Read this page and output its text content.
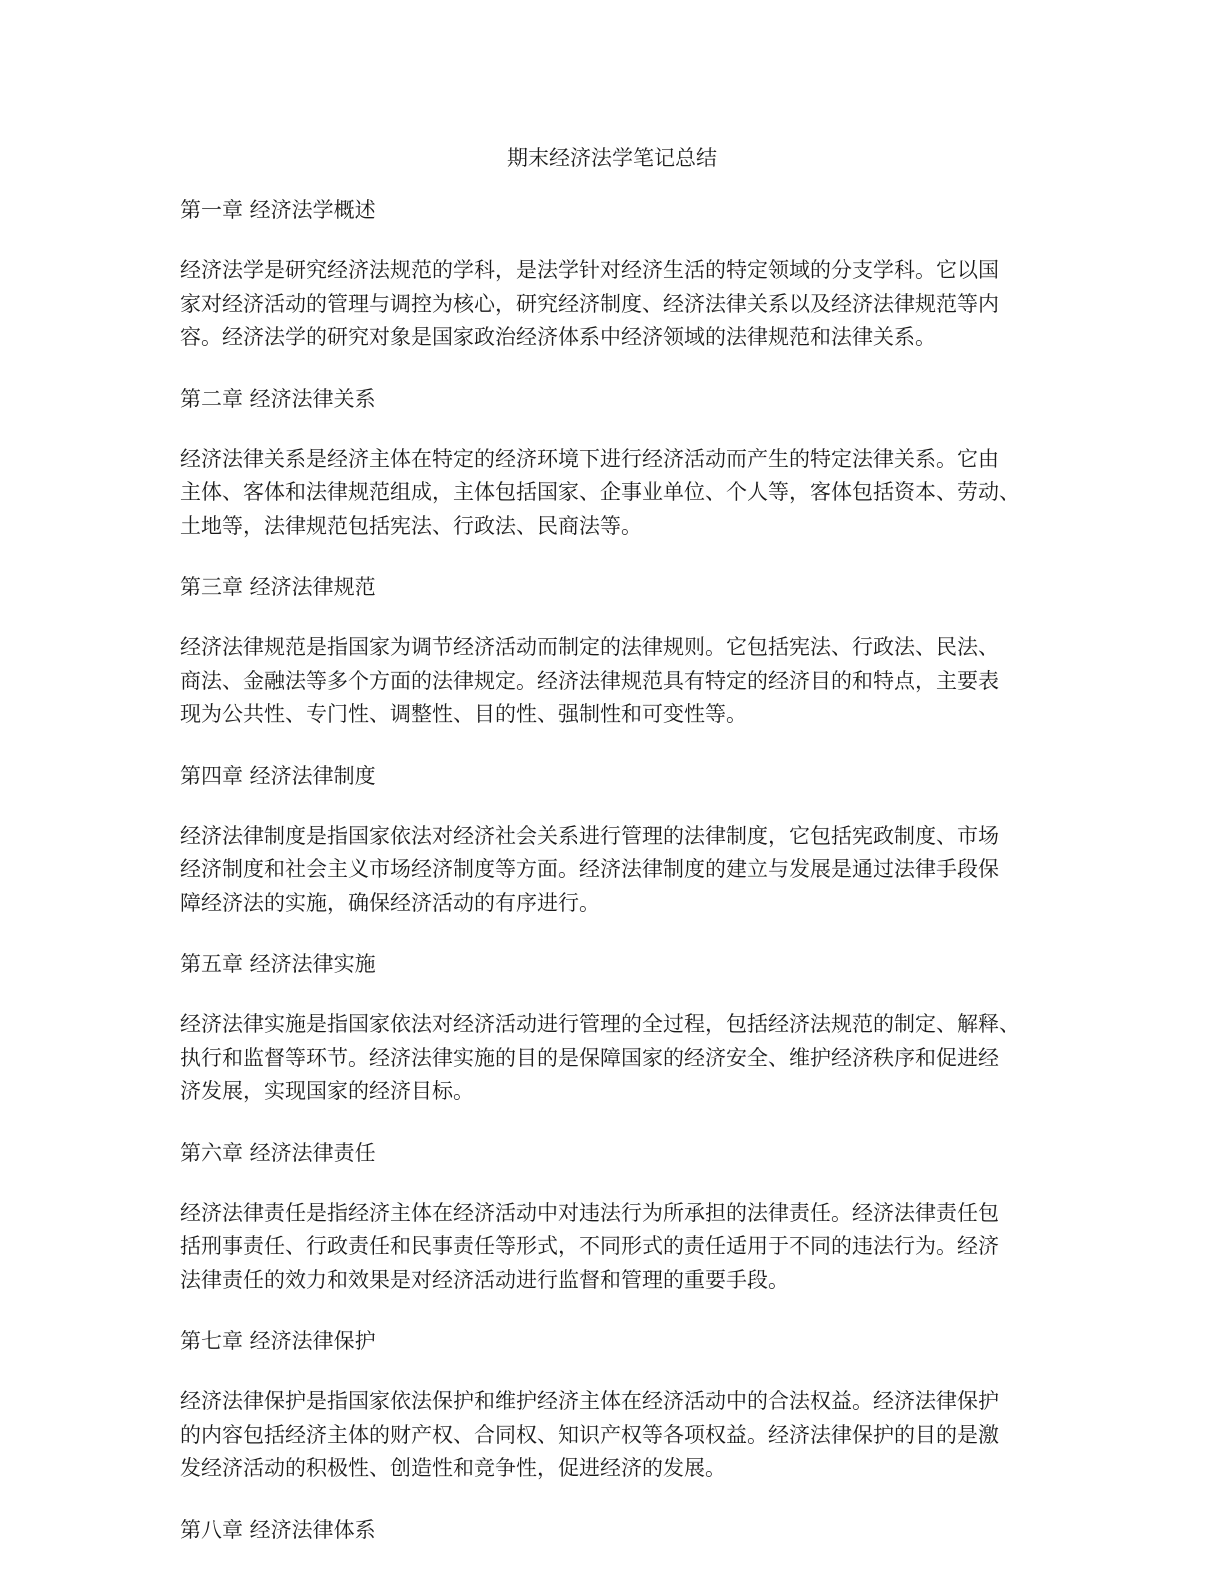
期末经济法学笔记总结

第一章 经济法学概述

经济法学是研究经济法规范的学科，是法学针对经济生活的特定领域的分支学科。它以国
家对经济活动的管理与调控为核心，研究经济制度、经济法律关系以及经济法律规范等内
容。经济法学的研究对象是国家政治经济体系中经济领域的法律规范和法律关系。

第二章 经济法律关系

经济法律关系是经济主体在特定的经济环境下进行经济活动而产生的特定法律关系。它由
主体、客体和法律规范组成，主体包括国家、企事业单位、个人等，客体包括资本、劳动、
土地等，法律规范包括宪法、行政法、民商法等。

第三章 经济法律规范

经济法律规范是指国家为调节经济活动而制定的法律规则。它包括宪法、行政法、民法、
商法、金融法等多个方面的法律规定。经济法律规范具有特定的经济目的和特点，主要表
现为公共性、专门性、调整性、目的性、强制性和可变性等。

第四章 经济法律制度

经济法律制度是指国家依法对经济社会关系进行管理的法律制度，它包括宪政制度、市场
经济制度和社会主义市场经济制度等方面。经济法律制度的建立与发展是通过法律手段保
障经济法的实施，确保经济活动的有序进行。

第五章 经济法律实施

经济法律实施是指国家依法对经济活动进行管理的全过程，包括经济法规范的制定、解释、
执行和监督等环节。经济法律实施的目的是保障国家的经济安全、维护经济秩序和促进经
济发展，实现国家的经济目标。

第六章 经济法律责任

经济法律责任是指经济主体在经济活动中对违法行为所承担的法律责任。经济法律责任包
括刑事责任、行政责任和民事责任等形式，不同形式的责任适用于不同的违法行为。经济
法律责任的效力和效果是对经济活动进行监督和管理的重要手段。

第七章 经济法律保护

经济法律保护是指国家依法保护和维护经济主体在经济活动中的合法权益。经济法律保护
的内容包括经济主体的财产权、合同权、知识产权等各项权益。经济法律保护的目的是激
发经济活动的积极性、创造性和竞争性，促进经济的发展。

第八章 经济法律体系
